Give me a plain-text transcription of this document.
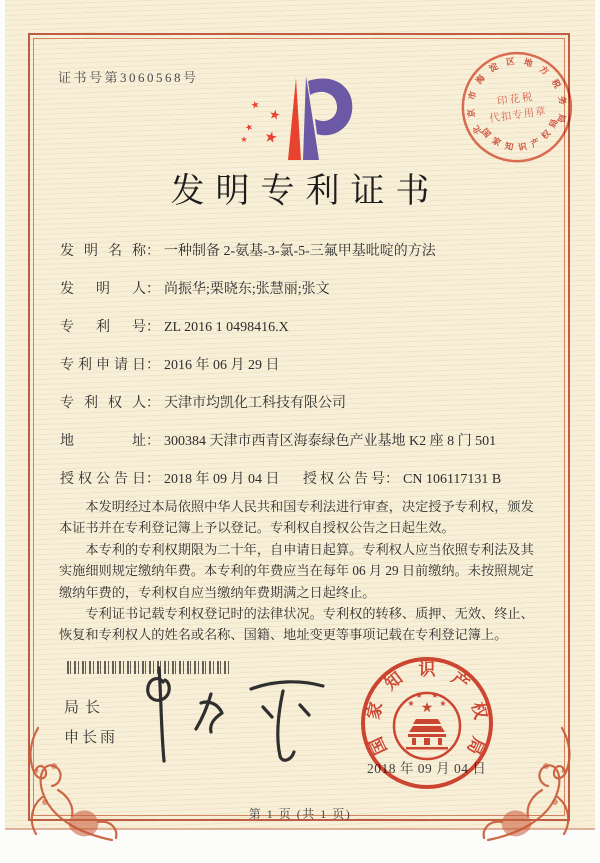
证书号第3060568号
★
★
★ ★
★
北
京
市
海
淀 区 地
方
税
务
局
国
家 知 识 产
权
局
印花税
代扣专用章
发明专利证书
发明名称 ： 一种制备 2-氨基-3-氯-5-三氟甲基吡啶的方法
发明人 ： 尚振华;栗晓东;张慧丽;张文
专利号 ： ZL 2016 1 0498416.X
专利申请日 ： 2016 年 06 月 29 日
专利权人 ： 天津市均凯化工科技有限公司
地址 ： 300384 天津市西青区海泰绿色产业基地 K2 座 8 门 501
授权公告日 ： 2018 年 09 月 04 日 授权公告号 ： CN 106117131 B

本发明经过本局依照中华人民共和国专利法进行审查，决定授予专利权，颁发本证书并在专利登记簿上予以登记。专利权自授权公告之日起生效。

本专利的专利权期限为二十年，自申请日起算。专利权人应当依照专利法及其实施细则规定缴纳年费。本专利的年费应当在每年 06 月 29 日前缴纳。未按照规定缴纳年费的，专利权自应当缴纳年费期满之日起终止。

专利证书记载专利权登记时的法律状况。专利权的转移、质押、无效、终止、恢复和专利权人的姓名或名称、国籍、地址变更等事项记载在专利登记簿上。

局长
申长雨
2018 年 09 月 04 日
国
家
知 识 产
权
局
★
★
★ ★
★
第 1 页 (共 1 页)
